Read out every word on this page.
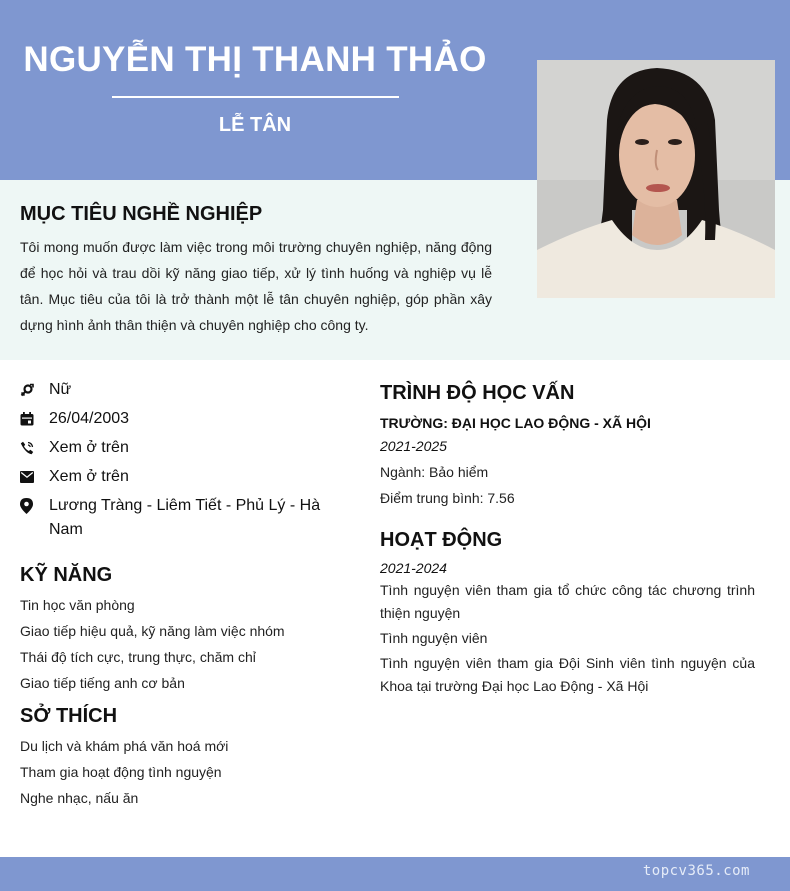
NGUYỄN THỊ THANH THẢO
LỄ TÂN
MỤC TIÊU NGHỀ NGHIỆP
Tôi mong muốn được làm việc trong môi trường chuyên nghiệp, năng động để học hỏi và trau dồi kỹ năng giao tiếp, xử lý tình huống và nghiệp vụ lễ tân. Mục tiêu của tôi là trở thành một lễ tân chuyên nghiệp, góp phần xây dựng hình ảnh thân thiện và chuyên nghiệp cho công ty.
Nữ
26/04/2003
Xem ở trên
Xem ở trên
Lương Tràng - Liêm Tiết - Phủ Lý - Hà Nam
KỸ NĂNG
Tin học văn phòng
Giao tiếp hiệu quả, kỹ năng làm việc nhóm
Thái độ tích cực, trung thực, chăm chỉ
Giao tiếp tiếng anh cơ bản
SỞ THÍCH
Du lịch và khám phá văn hoá mới
Tham gia hoạt động tình nguyện
Nghe nhạc, nấu ăn
TRÌNH ĐỘ HỌC VẤN
TRƯỜNG: ĐẠI HỌC LAO ĐỘNG - XÃ HỘI
2021-2025
Ngành: Bảo hiểm
Điểm trung bình: 7.56
HOẠT ĐỘNG
2021-2024
Tình nguyện viên tham gia tổ chức công tác chương trình thiện nguyện
Tình nguyện viên
Tình nguyện viên tham gia Đội Sinh viên tình nguyện của Khoa tại trường Đại học Lao Động - Xã Hội
topcv365.com
